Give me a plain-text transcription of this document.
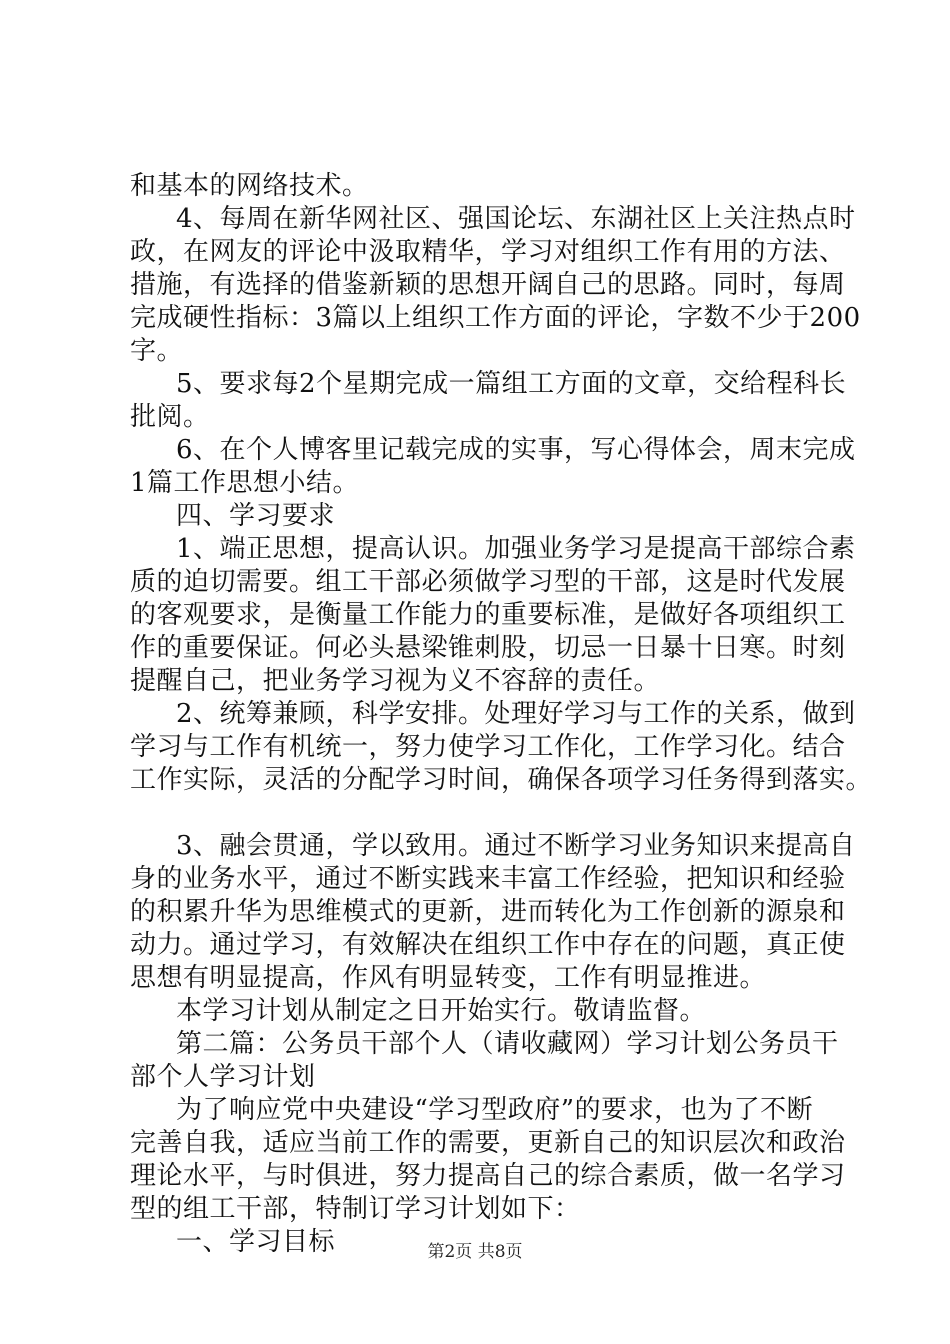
和基本的网络技术。
4、每周在新华网社区、强国论坛、东湖社区上关注热点时
政，在网友的评论中汲取精华，学习对组织工作有用的方法、
措施，有选择的借鉴新颖的思想开阔自己的思路。同时，每周
完成硬性指标：3篇以上组织工作方面的评论，字数不少于200
字。
5、要求每2个星期完成一篇组工方面的文章，交给程科长
批阅。
6、在个人博客里记载完成的实事，写心得体会，周末完成
1篇工作思想小结。
四、学习要求
1、端正思想，提高认识。加强业务学习是提高干部综合素
质的迫切需要。组工干部必须做学习型的干部，这是时代发展
的客观要求，是衡量工作能力的重要标准，是做好各项组织工
作的重要保证。何必头悬梁锥刺股，切忌一日暴十日寒。时刻
提醒自己，把业务学习视为义不容辞的责任。
2、统筹兼顾，科学安排。处理好学习与工作的关系，做到
学习与工作有机统一，努力使学习工作化，工作学习化。结合
工作实际，灵活的分配学习时间，确保各项学习任务得到落实。
3、融会贯通，学以致用。通过不断学习业务知识来提高自
身的业务水平，通过不断实践来丰富工作经验，把知识和经验
的积累升华为思维模式的更新，进而转化为工作创新的源泉和
动力。通过学习，有效解决在组织工作中存在的问题，真正使
思想有明显提高，作风有明显转变，工作有明显推进。
本学习计划从制定之日开始实行。敬请监督。
第二篇：公务员干部个人（请收藏网）学习计划公务员干
部个人学习计划
为了响应党中央建设“学习型政府”的要求，也为了不断
完善自我，适应当前工作的需要，更新自己的知识层次和政治
理论水平，与时俱进，努力提高自己的综合素质，做一名学习
型的组工干部，特制订学习计划如下：
一、学习目标	第2页 共8页
